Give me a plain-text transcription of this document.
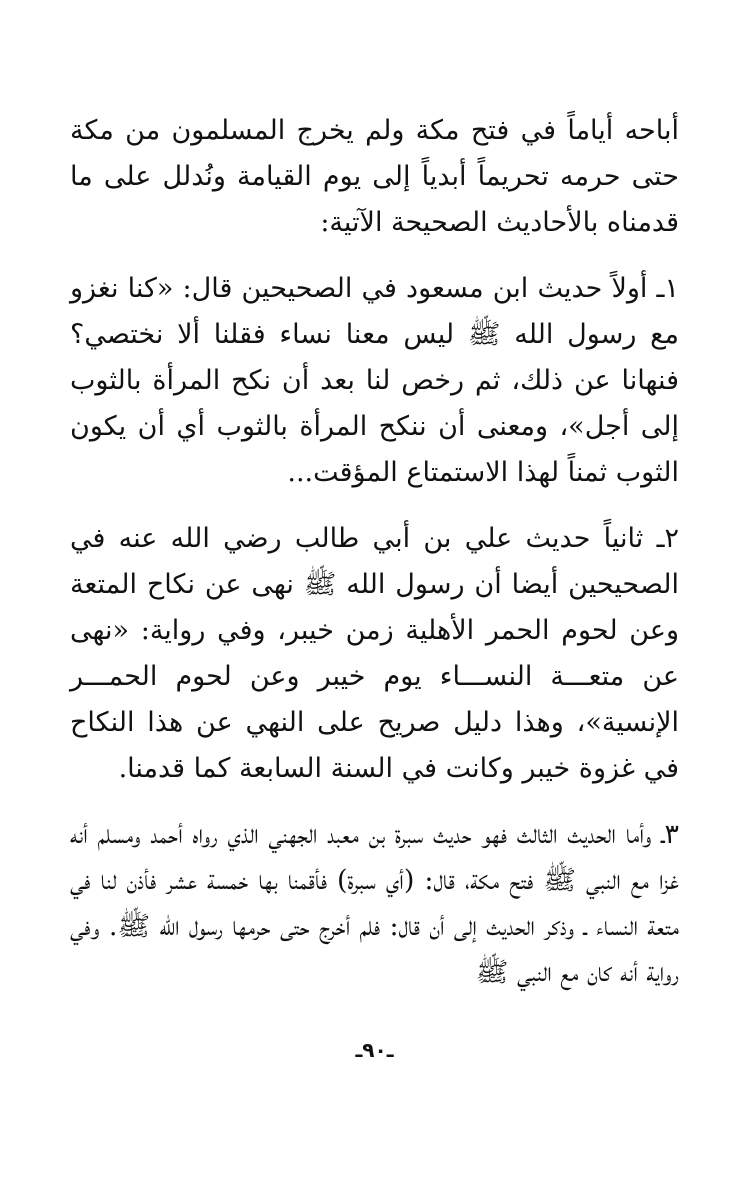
أباحه أياماً في فتح مكة ولم يخرج المسلمون من مكة حتى حرمه تحريماً أبدياً إلى يوم القيامة ونُدلل على ما قدمناه بالأحاديث الصحيحة الآتية:

١ـ أولاً حديث ابن مسعود في الصحيحين قال: «كنا نغزو مع رسول الله ﷺ ليس معنا نساء فقلنا ألا نختصي؟ فنهانا عن ذلك، ثم رخص لنا بعد أن نكح المرأة بالثوب إلى أجل»، ومعنى أن ننكح المرأة بالثوب أي أن يكون الثوب ثمناً لهذا الاستمتاع المؤقت...

٢ـ ثانياً حديث علي بن أبي طالب رضي الله عنه في الصحيحين أيضا أن رسول الله ﷺ نهى عن نكاح المتعة وعن لحوم الحمر الأهلية زمن خيبر، وفي رواية: «نهى عن متعـــة النســـاء يوم خيبر وعن لحوم الحمـــر الإنسية»، وهذا دليل صريح على النهي عن هذا النكاح في غزوة خيبر وكانت في السنة السابعة كما قدمنا.

٣ـ وأما الحديث الثالث فهو حديث سبرة بن معبد الجهني الذي رواه أحمد ومسلم أنه غزا مع النبي ﷺ فتح مكة، قال: (أي سبرة) فأقمنا بها خمسة عشر فأذن لنا في متعة النساء ـ وذكر الحديث إلى أن قال: فلم أخرج حتى حرمها رسول الله ﷺ. وفي رواية أنه كان مع النبي ﷺ

ـ٩٠ـ
